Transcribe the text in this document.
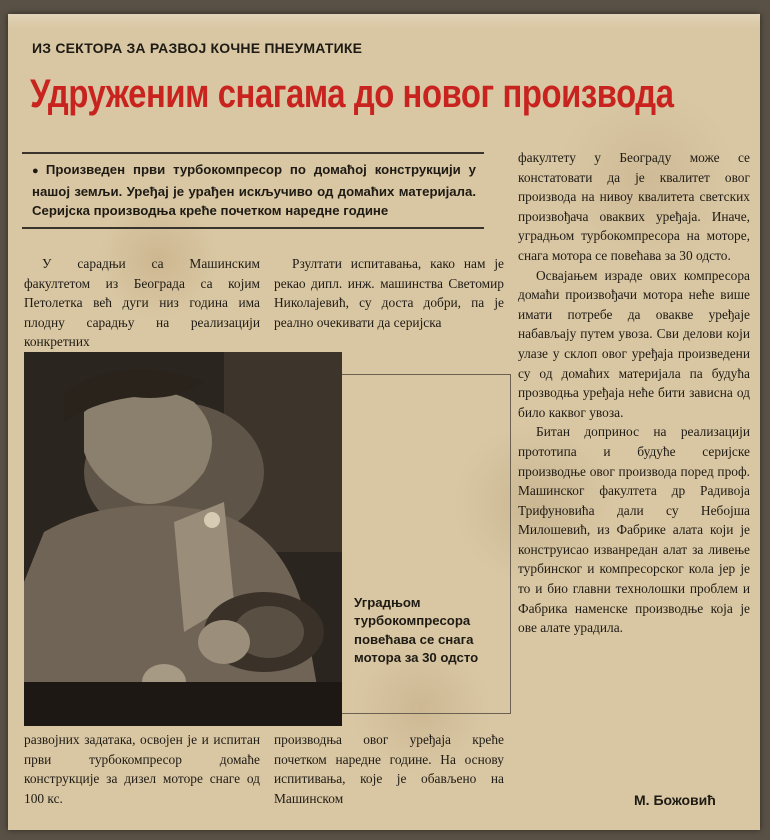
ИЗ СЕКТОРА ЗА РАЗВОЈ КОЧНЕ ПНЕУМАТИКЕ
Удруженим снагама до новог производа
● Произведен први турбокомпресор по домаћој конструкцији у нашој земљи. Уређај је урађен искључиво од домаћих материјала. Серијска производња креће почетком наредне године

У сарадњи са Машинским факултетом из Београда са којим Петолетка већ дуги низ година има плодну сарадњу на реализацији конкретних

Рзултати испитавања, како нам је рекао дипл. инж. машинства Светомир Николајевић, су доста добри, па је реално очекивати да серијска

Уградњом турбокомпресора повећава се снага мотора за 30 одсто

развојних задатака, освојен је и испитан први турбокомпресор домаће конструкције за дизел моторе снаге од 100 кс.

производња овог уређаја креће почетком наредне године. На основу испитивања, које је обављено на Машинском

факултету у Београду може се констатовати да је квалитет овог производа на нивоу квалитета светских произвођача оваквих уређаја. Иначе, уградњом турбокомпресора на моторе, снага мотора се повећава за 30 одсто.

Освајањем израде ових компресора домаћи произвођачи мотора неће више имати потребе да овакве уређаје набављају путем увоза. Сви делови који улазе у склоп овог уређаја произведени су од домаћих материјала па будућа прозводња уређаја неће бити зависна од било каквог увоза.

Битан допринос на реализацији прототипа и будуће серијске производње овог производа поред проф. Машинског факултета др Радивоја Трифуновића дали су Небојша Милошевић, из Фабрике алата који је конструисао изванредан алат за ливење турбинског и компресорског кола јер је то и био главни технолошки проблем и Фабрика наменске производње која је ове алате урадила.

М. Божовић
